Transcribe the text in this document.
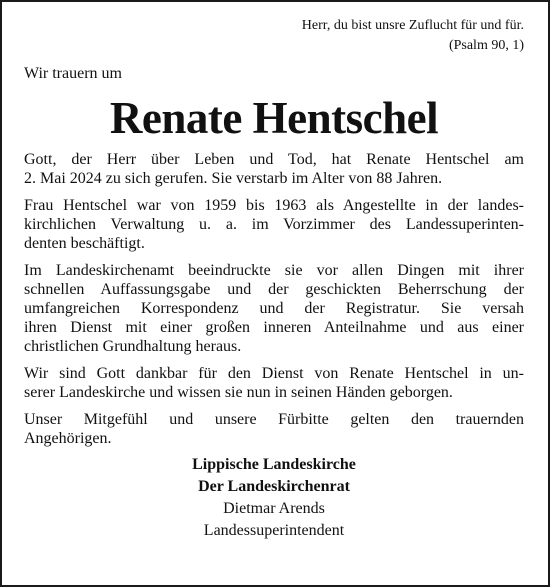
Herr, du bist unsre Zuflucht für und für.
(Psalm 90, 1)
Wir trauern um
Renate Hentschel
Gott, der Herr über Leben und Tod, hat Renate Hentschel am
2. Mai 2024 zu sich gerufen. Sie verstarb im Alter von 88 Jahren.
Frau Hentschel war von 1959 bis 1963 als Angestellte in der landes-
kirchlichen Verwaltung u. a. im Vorzimmer des Landessuperinten-
denten beschäftigt.
Im Landeskirchenamt beeindruckte sie vor allen Dingen mit ihrer
schnellen Auffassungsgabe und der geschickten Beherrschung der
umfangreichen Korrespondenz und der Registratur. Sie versah
ihren Dienst mit einer großen inneren Anteilnahme und aus einer
christlichen Grundhaltung heraus.
Wir sind Gott dankbar für den Dienst von Renate Hentschel in un-
serer Landeskirche und wissen sie nun in seinen Händen geborgen.
Unser Mitgefühl und unsere Fürbitte gelten den trauernden
Angehörigen.
Lippische Landeskirche
Der Landeskirchenrat
Dietmar Arends
Landessuperintendent
